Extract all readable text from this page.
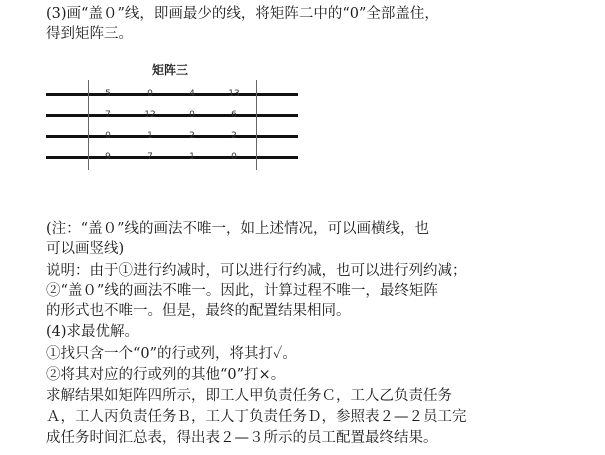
(3)画“盖０”线，即画最少的线，将矩阵二中的“0”全部盖住，
得到矩阵三。
矩阵三
5	0	4	13
7	12	0	6
0	1	2	2
9	7	1	0
(注：“盖０”线的画法不唯一，如上述情况，可以画横线，也
可以画竖线)
说明：由于①进行约减时，可以进行行约减，也可以进行列约减；
②“盖０”线的画法不唯一。因此，计算过程不唯一，最终矩阵
的形式也不唯一。但是，最终的配置结果相同。
(4)求最优解。
①找只含一个“0”的行或列，将其打✓。
②将其对应的行或列的其他“0”打×。
求解结果如矩阵四所示，即工人甲负责任务Ｃ，工人乙负责任务
Ａ，工人丙负责任务Ｂ，工人丁负责任务Ｄ，参照表２—２员工完
成任务时间汇总表，得出表２—３所示的员工配置最终结果。
